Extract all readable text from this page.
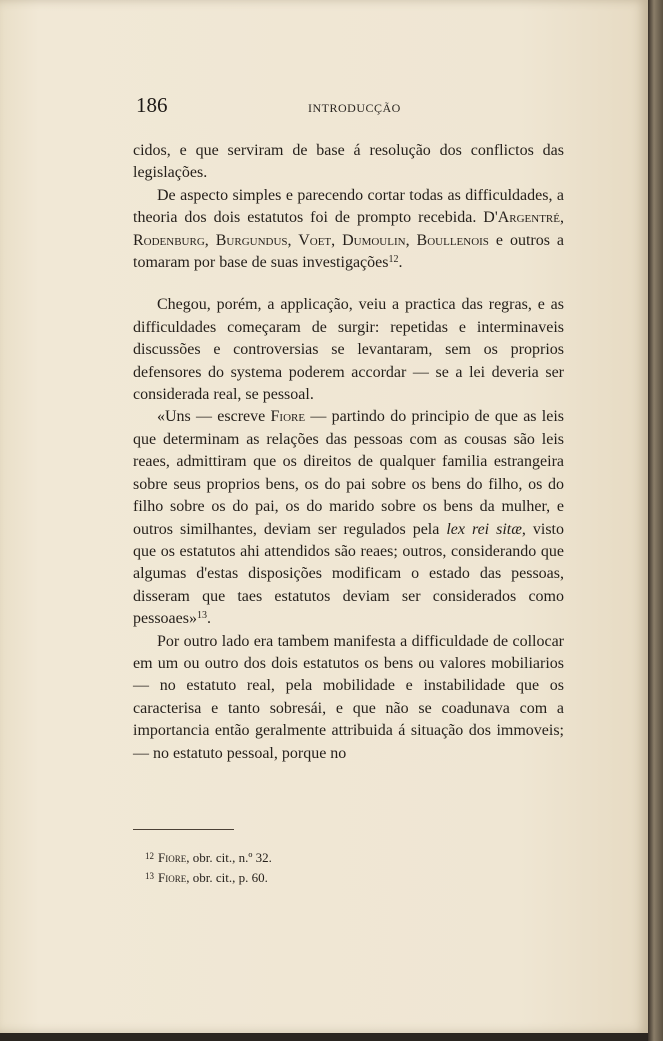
186	INTRODUCÇÃO

cidos, e que serviram de base á resolução dos conflictos das legislações.

De aspecto simples e parecendo cortar todas as difficuldades, a theoria dos dois estatutos foi de prompto recebida. D'Argentré, Rodenburg, Burgundus, Voet, Dumoulin, Boullenois e outros a tomaram por base de suas investigações$^{12}$.

Chegou, porém, a applicação, veiu a practica das regras, e as difficuldades começaram de surgir: repetidas e interminaveis discussões e controversias se levantaram, sem os proprios defensores do systema poderem accordar — se a lei deveria ser considerada real, se pessoal.

«Uns — escreve Fiore — partindo do principio de que as leis que determinam as relações das pessoas com as cousas são leis reaes, admittiram que os direitos de qualquer familia estrangeira sobre seus proprios bens, os do pai sobre os bens do filho, os do filho sobre os do pai, os do marido sobre os bens da mulher, e outros similhantes, deviam ser regulados pela lex rei sitæ, visto que os estatutos ahi attendidos são reaes; outros, considerando que algumas d'estas disposições modificam o estado das pessoas, disseram que taes estatutos deviam ser considerados como pessoaes»$^{13}$.

Por outro lado era tambem manifesta a difficuldade de collocar em um ou outro dos dois estatutos os bens ou valores mobiliarios — no estatuto real, pela mobilidade e instabilidade que os caracterisa e tanto sobresái, e que não se coadunava com a importancia então geralmente attribuida á situação dos immoveis; — no estatuto pessoal, porque no

$^{12}$ Fiore, obr. cit., n.º 32.
$^{13}$ Fiore, obr. cit., p. 60.
